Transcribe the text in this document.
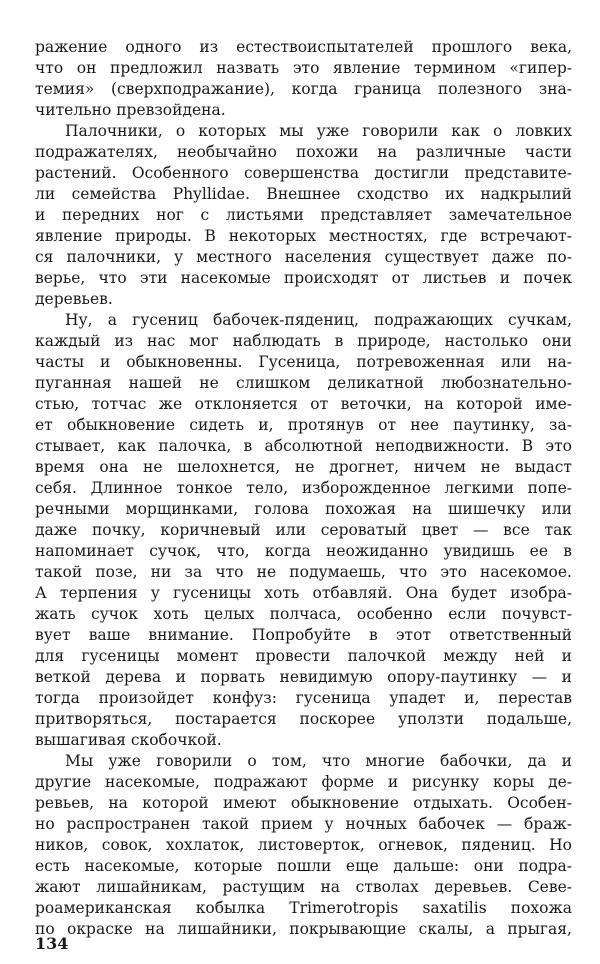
ражение одного из естествоиспытателей прошлого века,
что он предложил назвать это явление термином «гипер-
темия» (сверхподражание), когда граница полезного зна-
чительно превзойдена.
Палочники, о которых мы уже говорили как о ловких
подражателях, необычайно похожи на различные части
растений. Особенного совершенства достигли представите-
ли семейства Phyllidae. Внешнее сходство их надкрылий
и передних ног с листьями представляет замечательное
явление природы. В некоторых местностях, где встречают-
ся палочники, у местного населения существует даже по-
верье, что эти насекомые происходят от листьев и почек
деревьев.
Ну, а гусениц бабочек-пядениц, подражающих сучкам,
каждый из нас мог наблюдать в природе, настолько они
часты и обыкновенны. Гусеница, потревоженная или на-
пуганная нашей не слишком деликатной любознательно-
стью, тотчас же отклоняется от веточки, на которой име-
ет обыкновение сидеть и, протянув от нее паутинку, за-
стывает, как палочка, в абсолютной неподвижности. В это
время она не шелохнется, не дрогнет, ничем не выдаст
себя. Длинное тонкое тело, изборожденное легкими попе-
речными морщинками, голова похожая на шишечку или
даже почку, коричневый или сероватый цвет — все так
напоминает сучок, что, когда неожиданно увидишь ее в
такой позе, ни за что не подумаешь, что это насекомое.
А терпения у гусеницы хоть отбавляй. Она будет изобра-
жать сучок хоть целых полчаса, особенно если почувст-
вует ваше внимание. Попробуйте в этот ответственный
для гусеницы момент провести палочкой между ней и
веткой дерева и порвать невидимую опору-паутинку — и
тогда произойдет конфуз: гусеница упадет и, перестав
притворяться, постарается поскорее уползти подальше,
вышагивая скобочкой.
Мы уже говорили о том, что многие бабочки, да и
другие насекомые, подражают форме и рисунку коры де-
ревьев, на которой имеют обыкновение отдыхать. Особен-
но распространен такой прием у ночных бабочек — браж-
ников, совок, хохлаток, листоверток, огневок, пядениц. Но
есть насекомые, которые пошли еще дальше: они подра-
жают лишайникам, растущим на стволах деревьев. Севе-
роамериканская кобылка Trimerotropis saxatilis похожа
по окраске на лишайники, покрывающие скалы, а прыгая,
134
